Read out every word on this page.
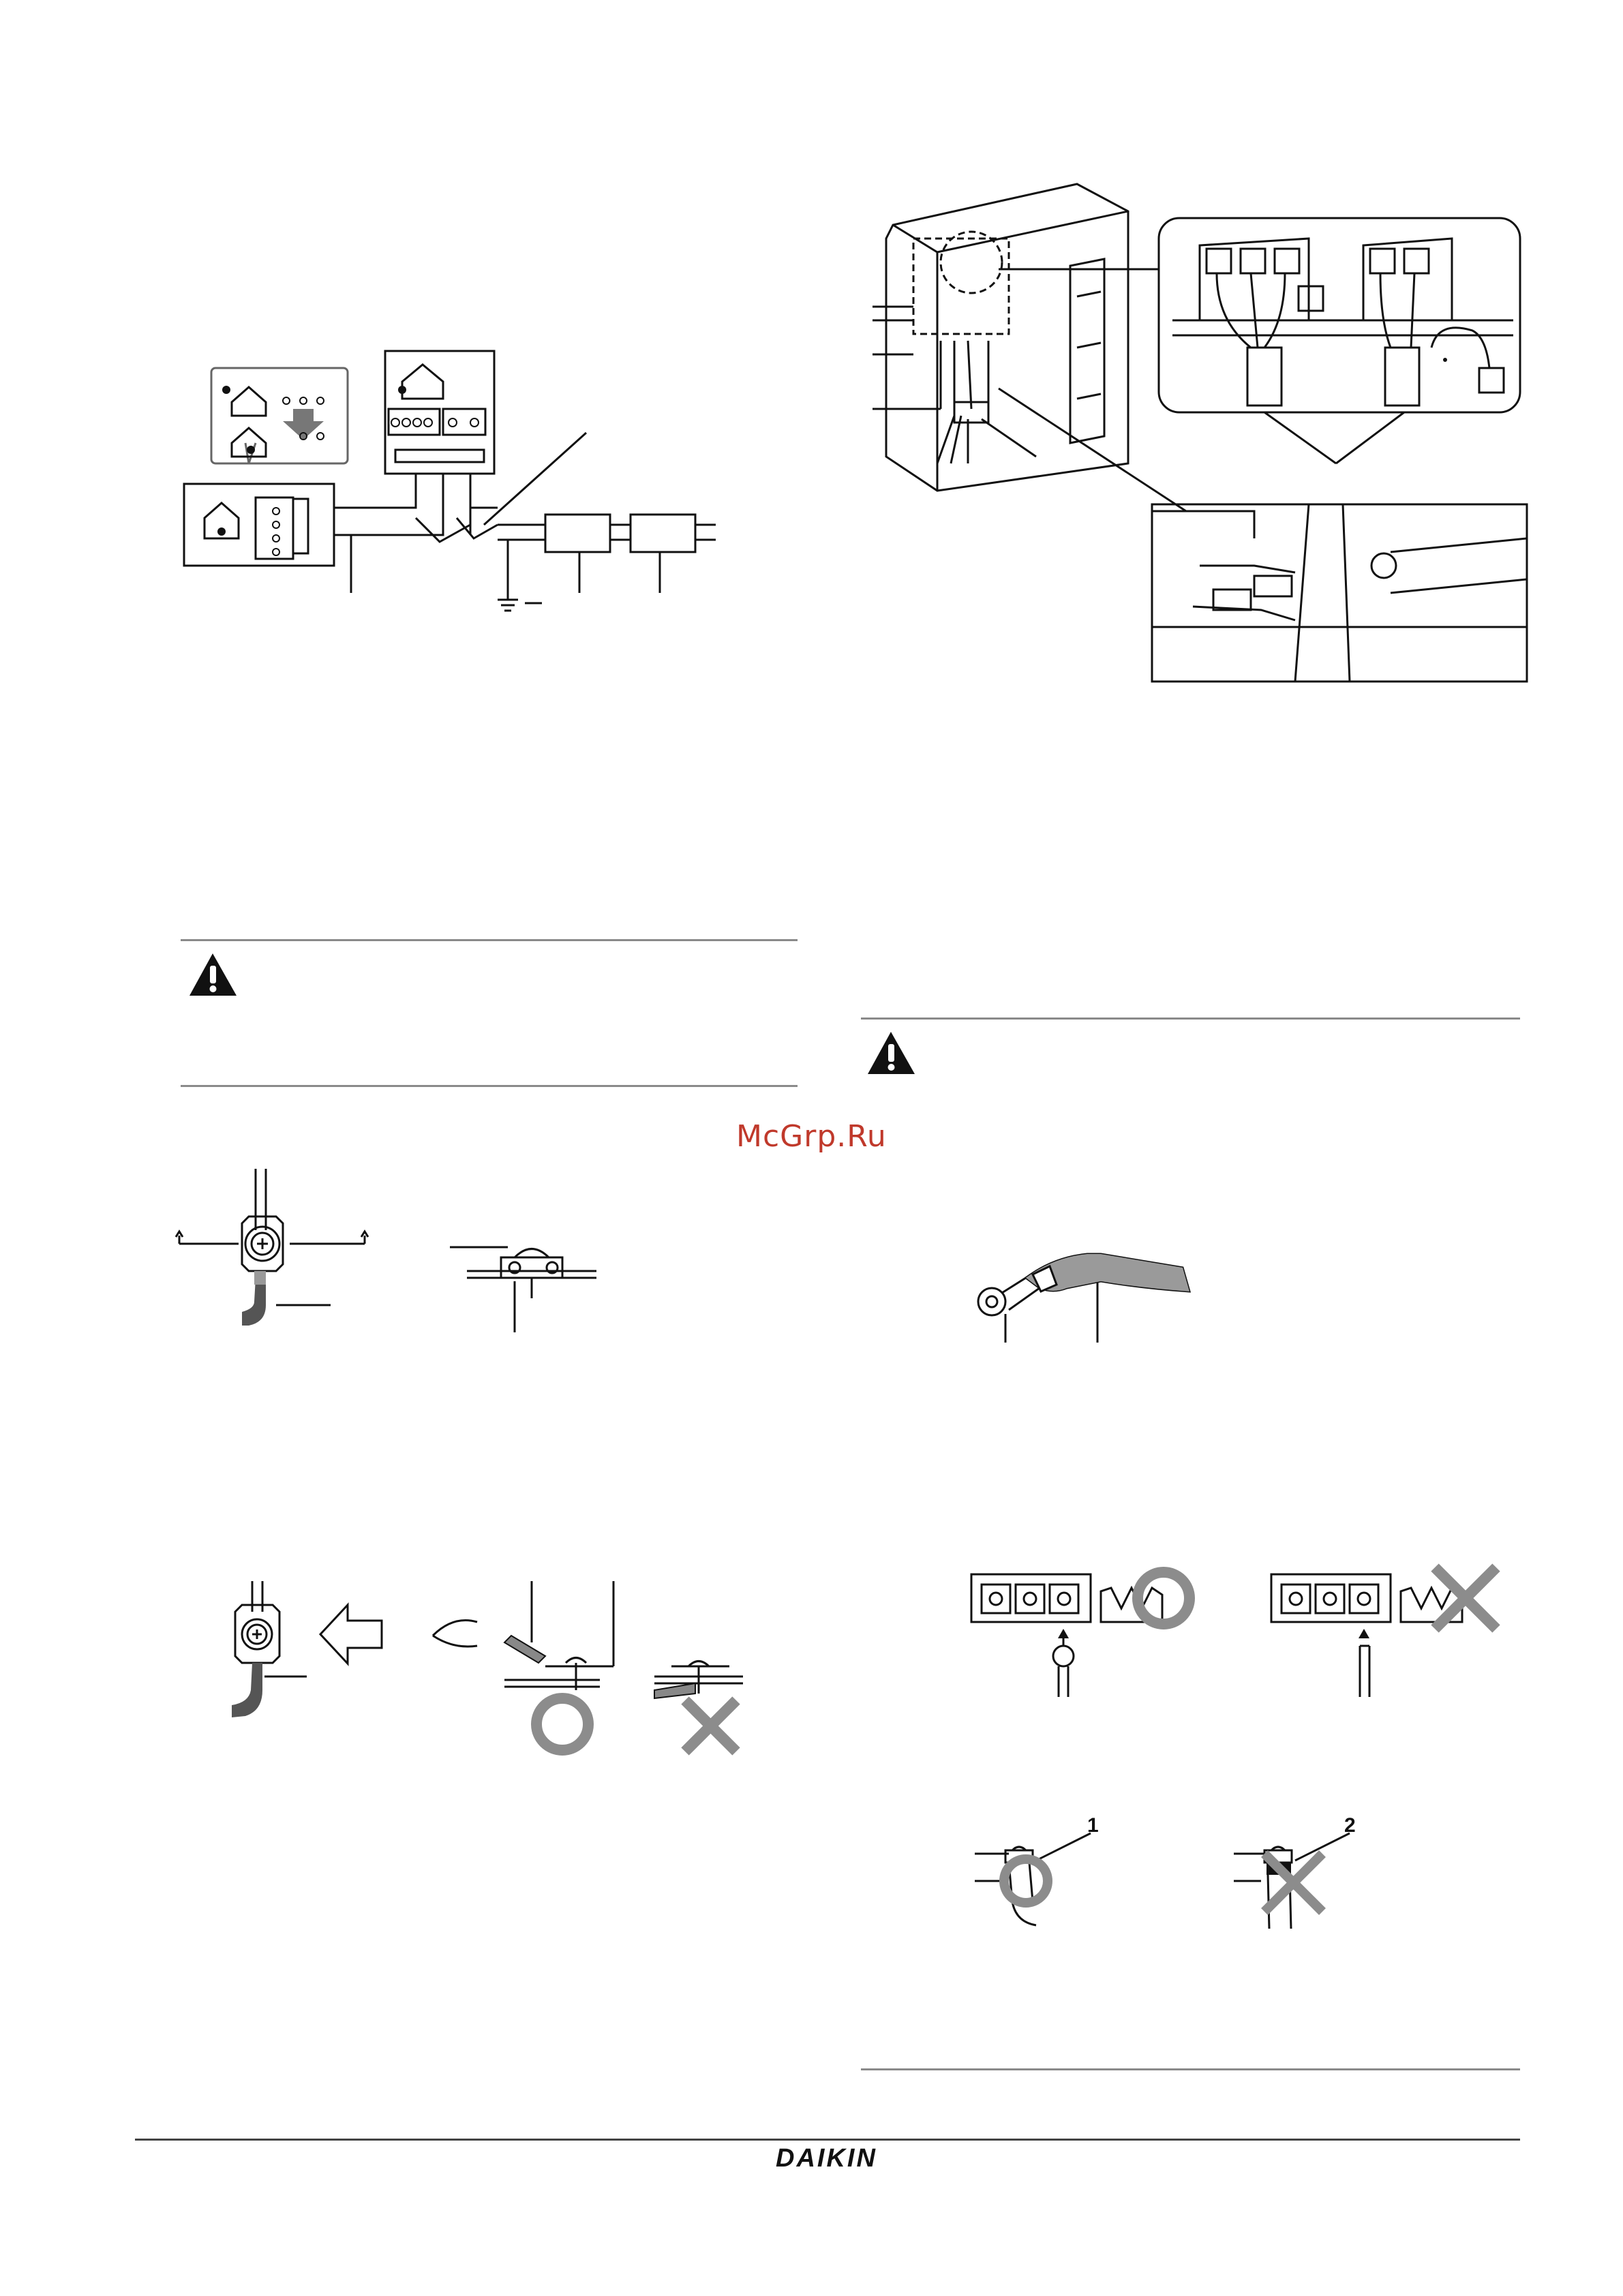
McGrp.Ru
1	2
DAIKIN
